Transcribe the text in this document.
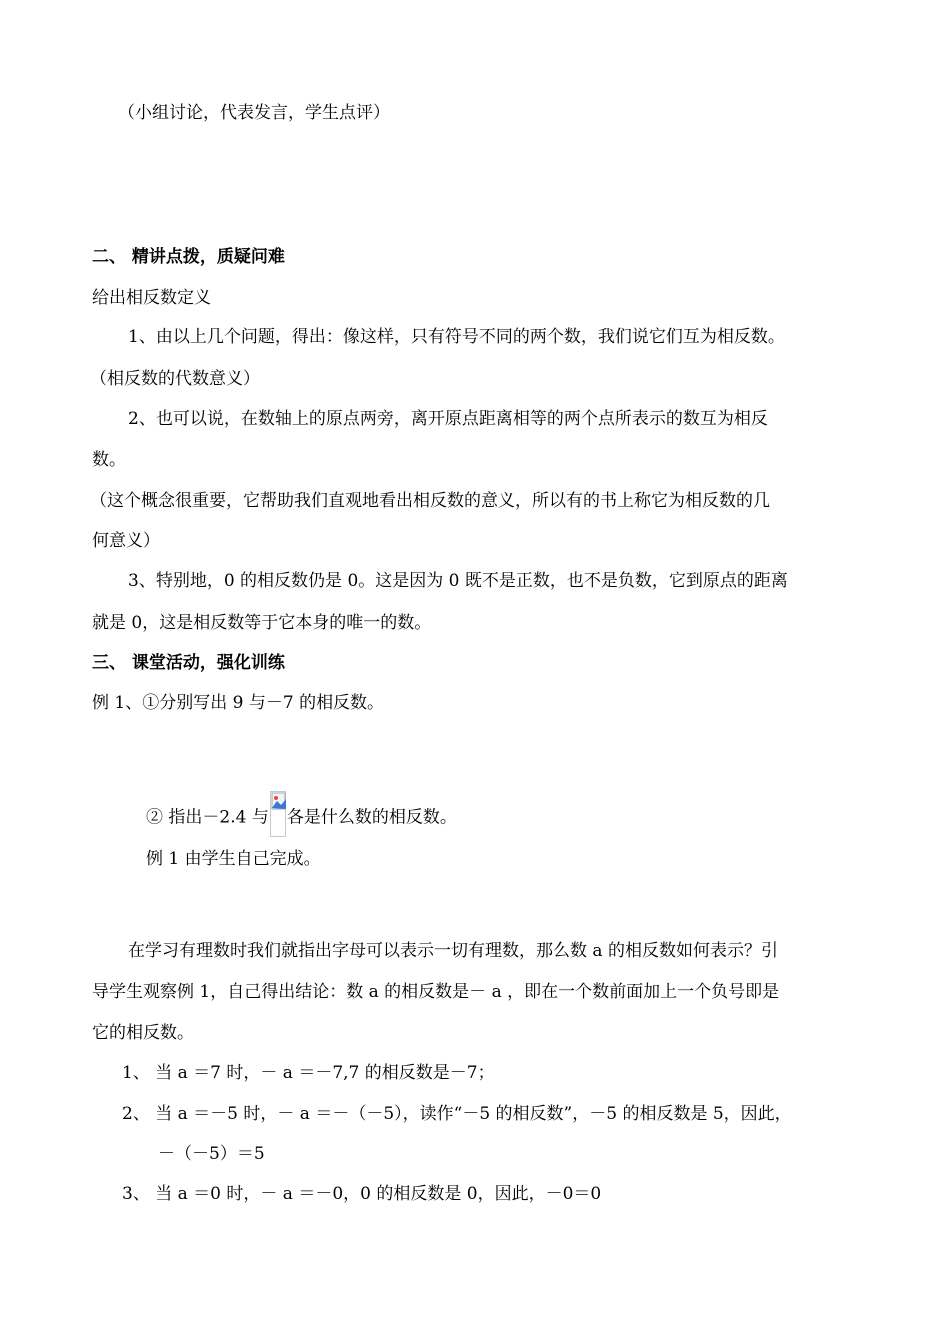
（小组讨论，代表发言，学生点评）
二、 精讲点拨，质疑问难
给出相反数定义
1、由以上几个问题，得出：像这样，只有符号不同的两个数，我们说它们互为相反数。
（相反数的代数意义）
2、也可以说，在数轴上的原点两旁，离开原点距离相等的两个点所表示的数互为相反
数。
（这个概念很重要，它帮助我们直观地看出相反数的意义，所以有的书上称它为相反数的几
何意义）
3、特别地，0 的相反数仍是 0。这是因为 0 既不是正数，也不是负数，它到原点的距离
就是 0，这是相反数等于它本身的唯一的数。
三、 课堂活动，强化训练
例 1、①分别写出 9 与－7 的相反数。
② 指出－2.4 与 各是什么数的相反数。
例 1 由学生自己完成。
在学习有理数时我们就指出字母可以表示一切有理数，那么数 a 的相反数如何表示？引
导学生观察例 1，自己得出结论：数 a 的相反数是－ a ，即在一个数前面加上一个负号即是
它的相反数。
1、 当 a ＝7 时，－ a ＝－7,7 的相反数是－7；
2、 当 a ＝－5 时，－ a ＝－（－5），读作“－5 的相反数”，－5 的相反数是 5，因此，
－（－5）＝5
3、 当 a ＝0 时，－ a ＝－0，0 的相反数是 0，因此，－0＝0
